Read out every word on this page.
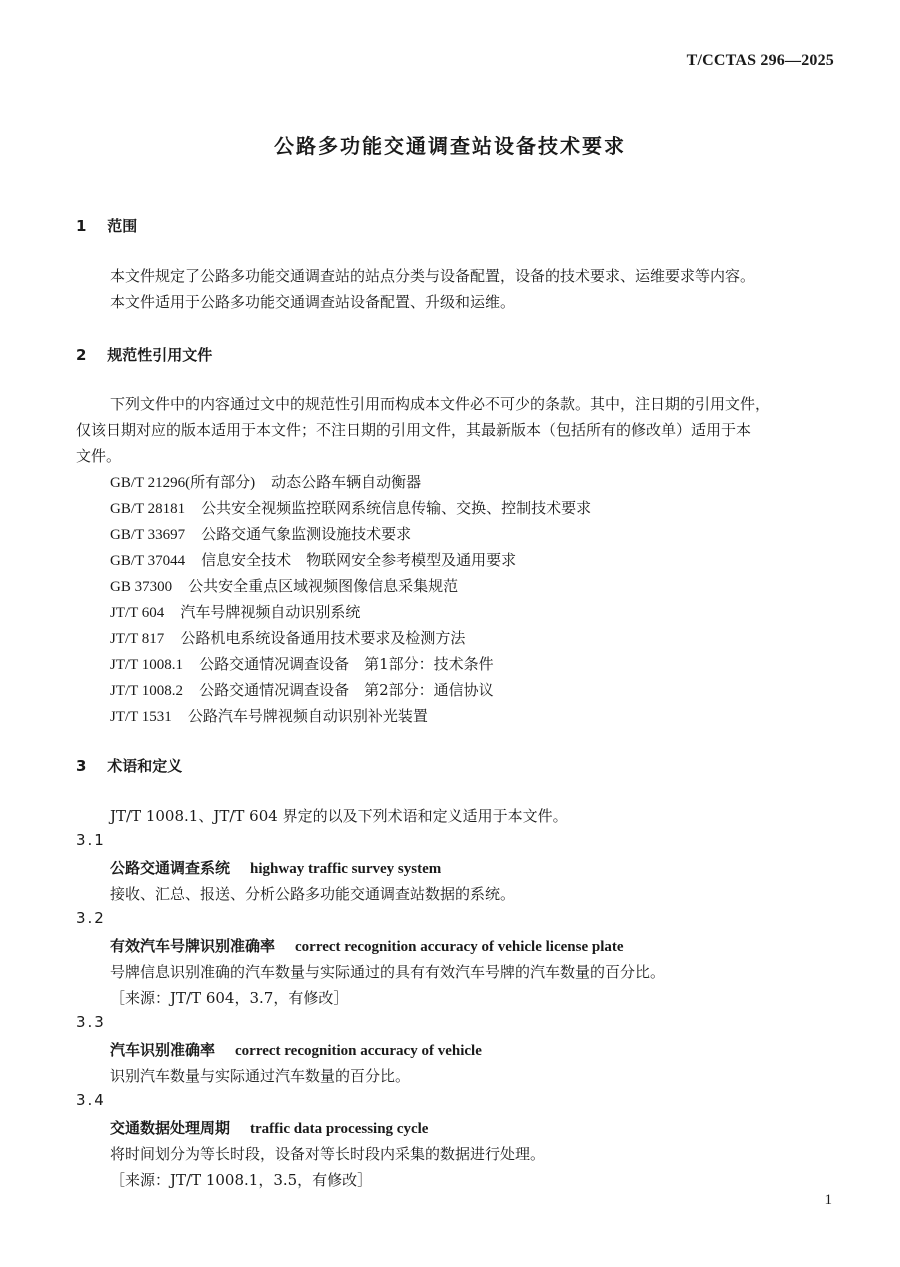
T/CCTAS 296—2025
公路多功能交通调查站设备技术要求
1 范围
本文件规定了公路多功能交通调查站的站点分类与设备配置，设备的技术要求、运维要求等内容。
本文件适用于公路多功能交通调查站设备配置、升级和运维。
2 规范性引用文件
下列文件中的内容通过文中的规范性引用而构成本文件必不可少的条款。其中，注日期的引用文件，
仅该日期对应的版本适用于本文件；不注日期的引用文件，其最新版本（包括所有的修改单）适用于本
文件。
GB/T 21296(所有部分) 动态公路车辆自动衡器
GB/T 28181 公共安全视频监控联网系统信息传输、交换、控制技术要求
GB/T 33697 公路交通气象监测设施技术要求
GB/T 37044 信息安全技术　物联网安全参考模型及通用要求
GB 37300 公共安全重点区域视频图像信息采集规范
JT/T 604 汽车号牌视频自动识别系统
JT/T 817 公路机电系统设备通用技术要求及检测方法
JT/T 1008.1 公路交通情况调查设备　第1部分：技术条件
JT/T 1008.2 公路交通情况调查设备　第2部分：通信协议
JT/T 1531 公路汽车号牌视频自动识别补光装置
3 术语和定义
JT/T 1008.1、JT/T 604 界定的以及下列术语和定义适用于本文件。
3.1
公路交通调查系统 highway traffic survey system
接收、汇总、报送、分析公路多功能交通调查站数据的系统。
3.2
有效汽车号牌识别准确率 correct recognition accuracy of vehicle license plate
号牌信息识别准确的汽车数量与实际通过的具有有效汽车号牌的汽车数量的百分比。
［来源：JT/T 604，3.7，有修改］
3.3
汽车识别准确率 correct recognition accuracy of vehicle
识别汽车数量与实际通过汽车数量的百分比。
3.4
交通数据处理周期 traffic data processing cycle
将时间划分为等长时段，设备对等长时段内采集的数据进行处理。
［来源：JT/T 1008.1，3.5，有修改］
1
